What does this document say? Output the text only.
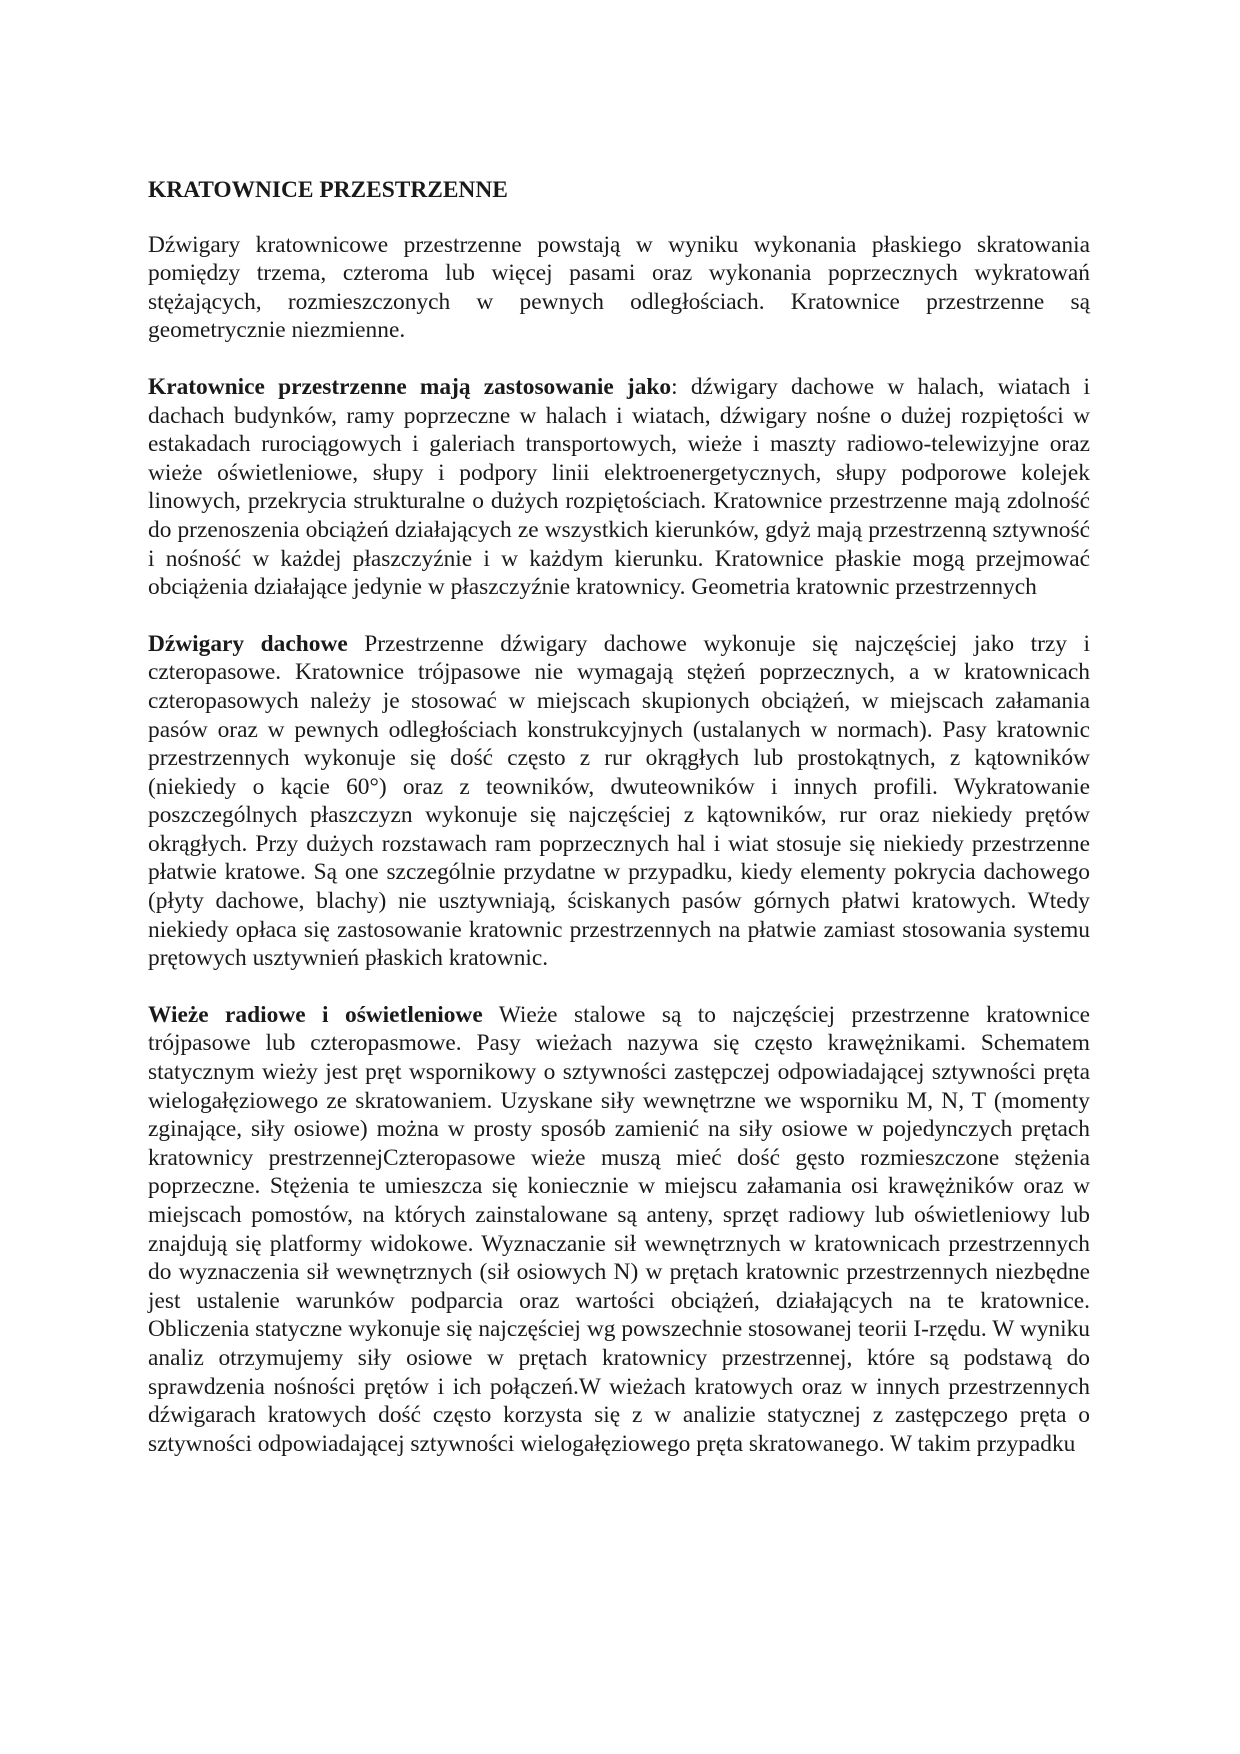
KRATOWNICE PRZESTRZENNE

Dźwigary kratownicowe przestrzenne powstają w wyniku wykonania płaskiego skratowania pomiędzy trzema, czteroma lub więcej pasami oraz wykonania poprzecznych wykratowań stężających, rozmieszczonych w pewnych odległościach. Kratownice przestrzenne są geometrycznie niezmienne.

Kratownice przestrzenne mają zastosowanie jako: dźwigary dachowe w halach, wiatach i dachach budynków, ramy poprzeczne w halach i wiatach, dźwigary nośne o dużej rozpiętości w estakadach rurociągowych i galeriach transportowych, wieże i maszty radiowo-telewizyjne oraz wieże oświetleniowe, słupy i podpory linii elektroenergetycznych, słupy podporowe kolejek linowych, przekrycia strukturalne o dużych rozpiętościach. Kratownice przestrzenne mają zdolność do przenoszenia obciążeń działających ze wszystkich kierunków, gdyż mają przestrzenną sztywność i nośność w każdej płaszczyźnie i w każdym kierunku. Kratownice płaskie mogą przejmować obciążenia działające jedynie w płaszczyźnie kratownicy. Geometria kratownic przestrzennych

Dźwigary dachowe Przestrzenne dźwigary dachowe wykonuje się najczęściej jako trzy i czteropasowe. Kratownice trójpasowe nie wymagają stężeń poprzecznych, a w kratownicach czteropasowych należy je stosować w miejscach skupionych obciążeń, w miejscach załamania pasów oraz w pewnych odległościach konstrukcyjnych (ustalanych w normach). Pasy kratownic przestrzennych wykonuje się dość często z rur okrągłych lub prostokątnych, z kątowników (niekiedy o kącie 60°) oraz z teowników, dwuteowników i innych profili. Wykratowanie poszczególnych płaszczyzn wykonuje się najczęściej z kątowników, rur oraz niekiedy prętów okrągłych. Przy dużych rozstawach ram poprzecznych hal i wiat stosuje się niekiedy przestrzenne płatwie kratowe. Są one szczególnie przydatne w przypadku, kiedy elementy pokrycia dachowego (płyty dachowe, blachy) nie usztywniają, ściskanych pasów górnych płatwi kratowych. Wtedy niekiedy opłaca się zastosowanie kratownic przestrzennych na płatwie zamiast stosowania systemu prętowych usztywnień płaskich kratownic.

Wieże radiowe i oświetleniowe Wieże stalowe są to najczęściej przestrzenne kratownice trójpasowe lub czteropasmowe. Pasy wieżach nazywa się często krawężnikami. Schematem statycznym wieży jest pręt wspornikowy o sztywności zastępczej odpowiadającej sztywności pręta wielogałęziowego ze skratowaniem. Uzyskane siły wewnętrzne we wsporniku M, N, T (momenty zginające, siły osiowe) można w prosty sposób zamienić na siły osiowe w pojedynczych prętach kratownicy prestrzennejCzteropasowe wieże muszą mieć dość gęsto rozmieszczone stężenia poprzeczne. Stężenia te umieszcza się koniecznie w miejscu załamania osi krawężników oraz w miejscach pomostów, na których zainstalowane są anteny, sprzęt radiowy lub oświetleniowy lub znajdują się platformy widokowe. Wyznaczanie sił wewnętrznych w kratownicach przestrzennych do wyznaczenia sił wewnętrznych (sił osiowych N) w prętach kratownic przestrzennych niezbędne jest ustalenie warunków podparcia oraz wartości obciążeń, działających na te kratownice. Obliczenia statyczne wykonuje się najczęściej wg powszechnie stosowanej teorii I-rzędu. W wyniku analiz otrzymujemy siły osiowe w prętach kratownicy przestrzennej, które są podstawą do sprawdzenia nośności prętów i ich połączeń.W wieżach kratowych oraz w innych przestrzennych dźwigarach kratowych dość często korzysta się z w analizie statycznej z zastępczego pręta o sztywności odpowiadającej sztywności wielogałęziowego pręta skratowanego. W takim przypadku
